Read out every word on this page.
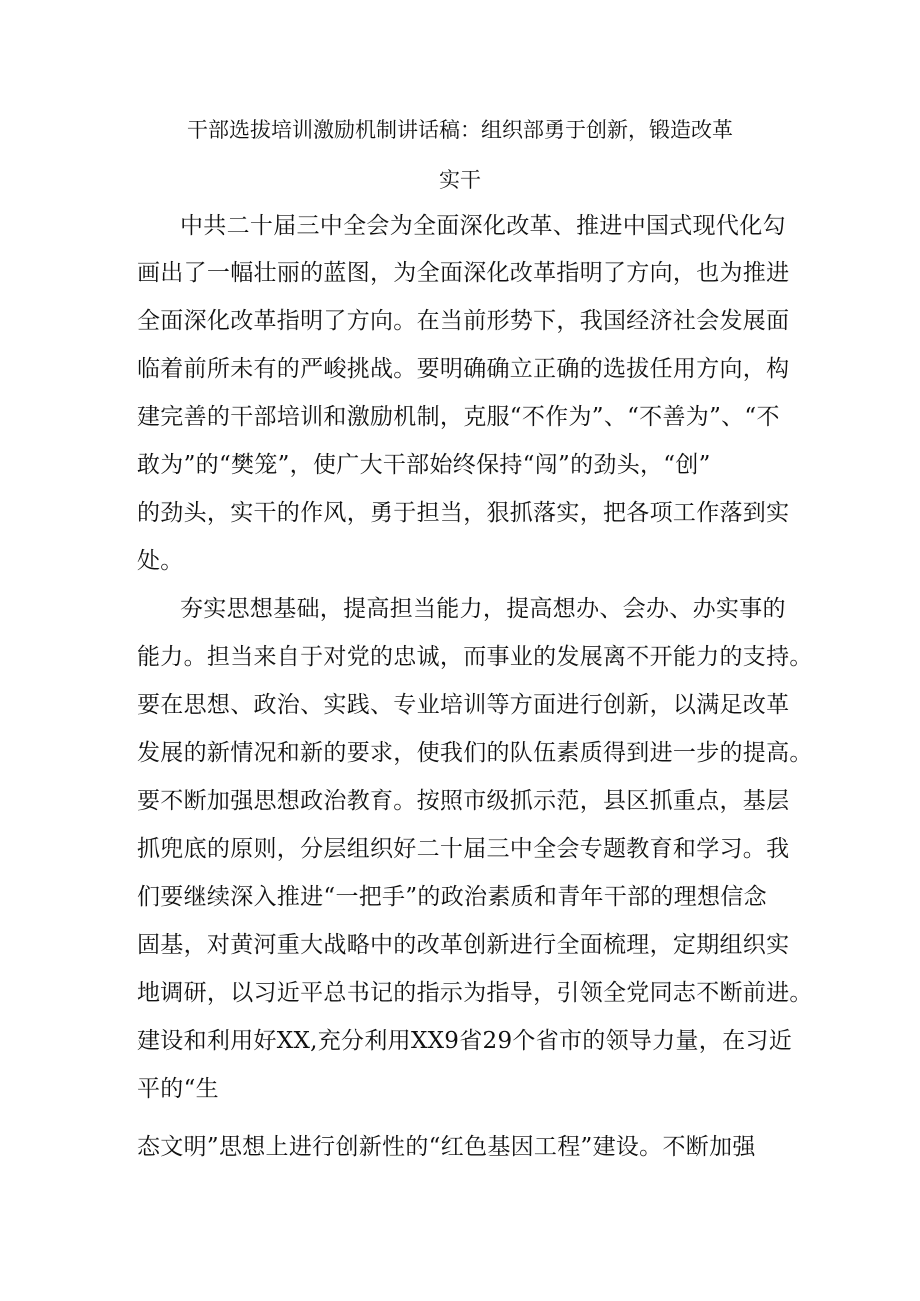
干部选拔培训激励机制讲话稿：组织部勇于创新，锻造改革
实干
中共二十届三中全会为全面深化改革、推进中国式现代化勾
画出了一幅壮丽的蓝图，为全面深化改革指明了方向，也为推进
全面深化改革指明了方向。在当前形势下，我国经济社会发展面
临着前所未有的严峻挑战。要明确确立正确的选拔任用方向，构
建完善的干部培训和激励机制，克服“不作为”、“不善为”、“不
敢为”的“樊笼”，使广大干部始终保持“闯”的劲头，“创”
的劲头，实干的作风，勇于担当，狠抓落实，把各项工作落到实
处。
夯实思想基础，提高担当能力，提高想办、会办、办实事的
能力。担当来自于对党的忠诚，而事业的发展离不开能力的支持。
要在思想、政治、实践、专业培训等方面进行创新，以满足改革
发展的新情况和新的要求，使我们的队伍素质得到进一步的提高。
要不断加强思想政治教育。按照市级抓示范，县区抓重点，基层
抓兜底的原则，分层组织好二十届三中全会专题教育和学习。我
们要继续深入推进“一把手”的政治素质和青年干部的理想信念
固基，对黄河重大战略中的改革创新进行全面梳理，定期组织实
地调研，以习近平总书记的指示为指导，引领全党同志不断前进。
建设和利用好XX,充分利用XX9省29个省市的领导力量，在习近
平的“生
态文明”思想上进行创新性的“红色基因工程”建设。不断加强
